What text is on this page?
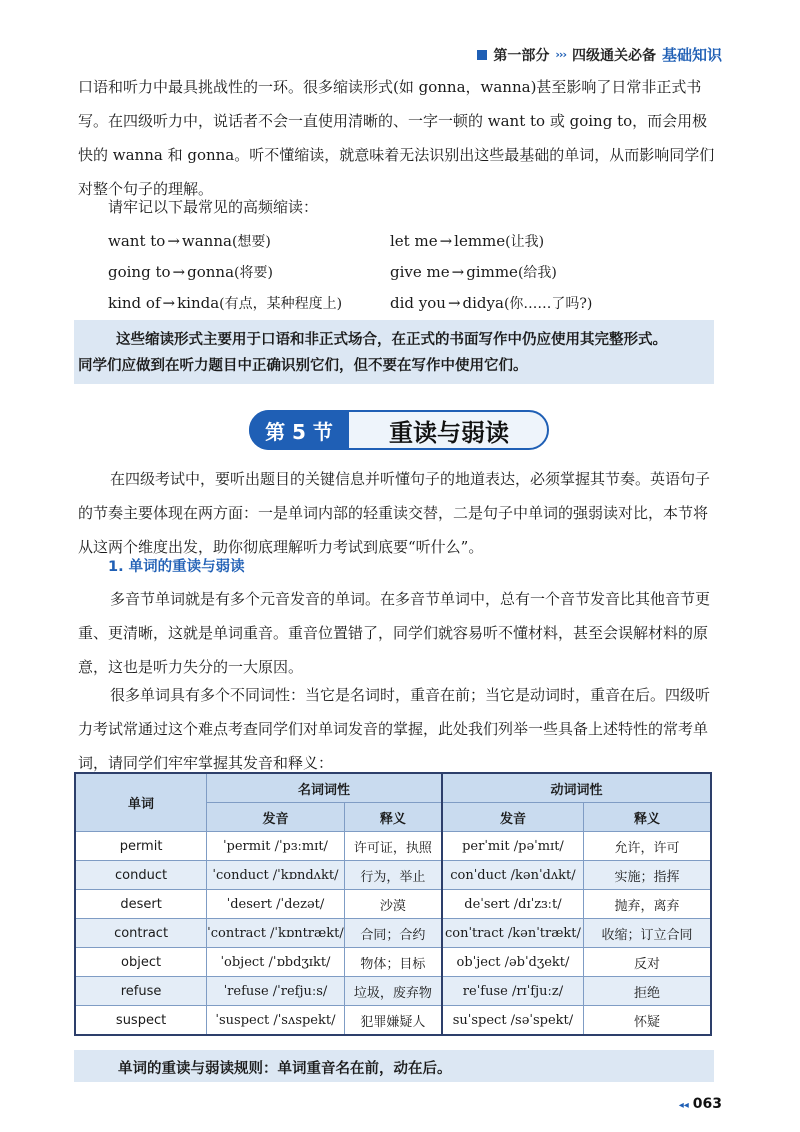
第一部分 ››› 四级通关必备 基础知识

口语和听力中最具挑战性的一环。很多缩读形式(如 gonna，wanna)甚至影响了日常非正式书写。在四级听力中，说话者不会一直使用清晰的、一字一顿的 want to 或 going to，而会用极快的 wanna 和 gonna。听不懂缩读，就意味着无法识别出这些最基础的单词，从而影响同学们对整个句子的理解。

请牢记以下最常见的高频缩读：
want to → wanna(想要)	let me → lemme(让我)
going to → gonna(将要)	give me → gimme(给我)
kind of → kinda(有点，某种程度上)	did you → didya(你……了吗?)
这些缩读形式主要用于口语和非正式场合，在正式的书面写作中仍应使用其完整形式。
同学们应做到在听力题目中正确识别它们，但不要在写作中使用它们。
第 5 节	重读与弱读

在四级考试中，要听出题目的关键信息并听懂句子的地道表达，必须掌握其节奏。英语句子的节奏主要体现在两方面：一是单词内部的轻重读交替，二是句子中单词的强弱读对比，本节将从这两个维度出发，助你彻底理解听力考试到底要“听什么”。

1. 单词的重读与弱读

多音节单词就是有多个元音发音的单词。在多音节单词中，总有一个音节发音比其他音节更重、更清晰，这就是单词重音。重音位置错了，同学们就容易听不懂材料，甚至会误解材料的原意，这也是听力失分的一大原因。

很多单词具有多个不同词性：当它是名词时，重音在前；当它是动词时，重音在后。四级听力考试常通过这个难点考查同学们对单词发音的掌握，此处我们列举一些具备上述特性的常考单词，请同学们牢牢掌握其发音和释义：

单词	名词词性		动词词性	
	发音	释义	发音	释义
permit	ˈpermit /ˈpɜːmɪt/	许可证，执照	perˈmit /pəˈmɪt/	允许，许可
conduct	ˈconduct /ˈkɒndʌkt/	行为，举止	conˈduct /kənˈdʌkt/	实施；指挥
desert	ˈdesert /ˈdezət/	沙漠	deˈsert /dɪˈzɜːt/	抛弃，离弃
contract	ˈcontract /ˈkɒntrækt/	合同；合约	conˈtract /kənˈtrækt/	收缩；订立合同
object	ˈobject /ˈɒbdʒɪkt/	物体；目标	obˈject /əbˈdʒekt/	反对
refuse	ˈrefuse /ˈrefjuːs/	垃圾，废弃物	reˈfuse /rɪˈfjuːz/	拒绝
suspect	ˈsuspect /ˈsʌspekt/	犯罪嫌疑人	suˈspect /səˈspekt/	怀疑
单词的重读与弱读规则：单词重音名在前，动在后。
◂◂ 063
